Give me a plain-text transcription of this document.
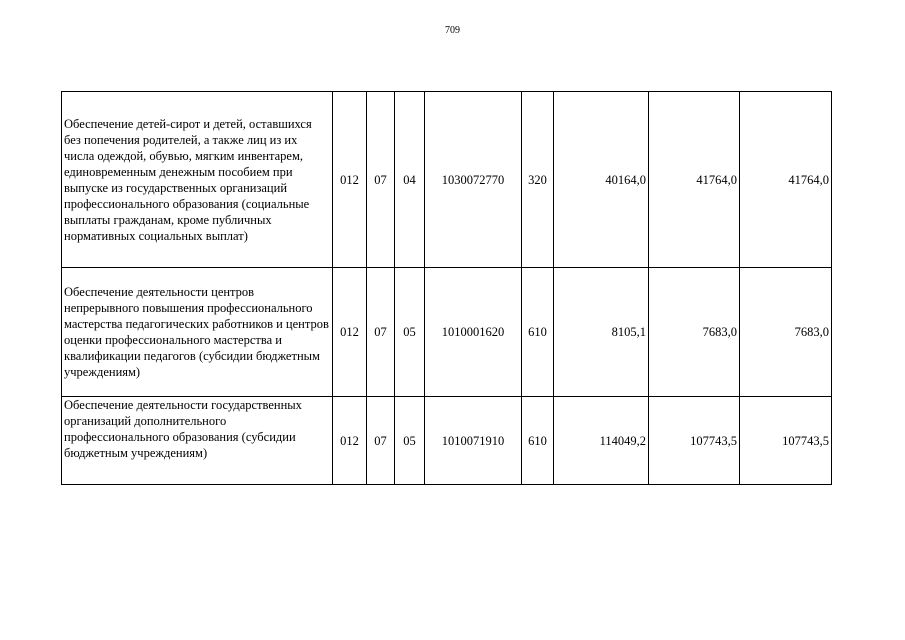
709
Обеспечение детей-сирот и детей, оставшихся без попечения родителей, а также лиц из их числа одеждой, обувью, мягким инвентарем, единовременным денежным пособием при выпуске из государственных организаций профессионального образования (социальные выплаты гражданам, кроме публичных нормативных социальных выплат)	012	07	04	1030072770	320	40164,0	41764,0	41764,0
Обеспечение деятельности центров непрерывного повышения профессионального мастерства педагогических работников и центров оценки профессионального мастерства и квалификации педагогов (субсидии бюджетным учреждениям)	012	07	05	1010001620	610	8105,1	7683,0	7683,0
Обеспечение деятельности государственных организаций дополнительного профессионального образования (субсидии бюджетным учреждениям)	012	07	05	1010071910	610	114049,2	107743,5	107743,5
